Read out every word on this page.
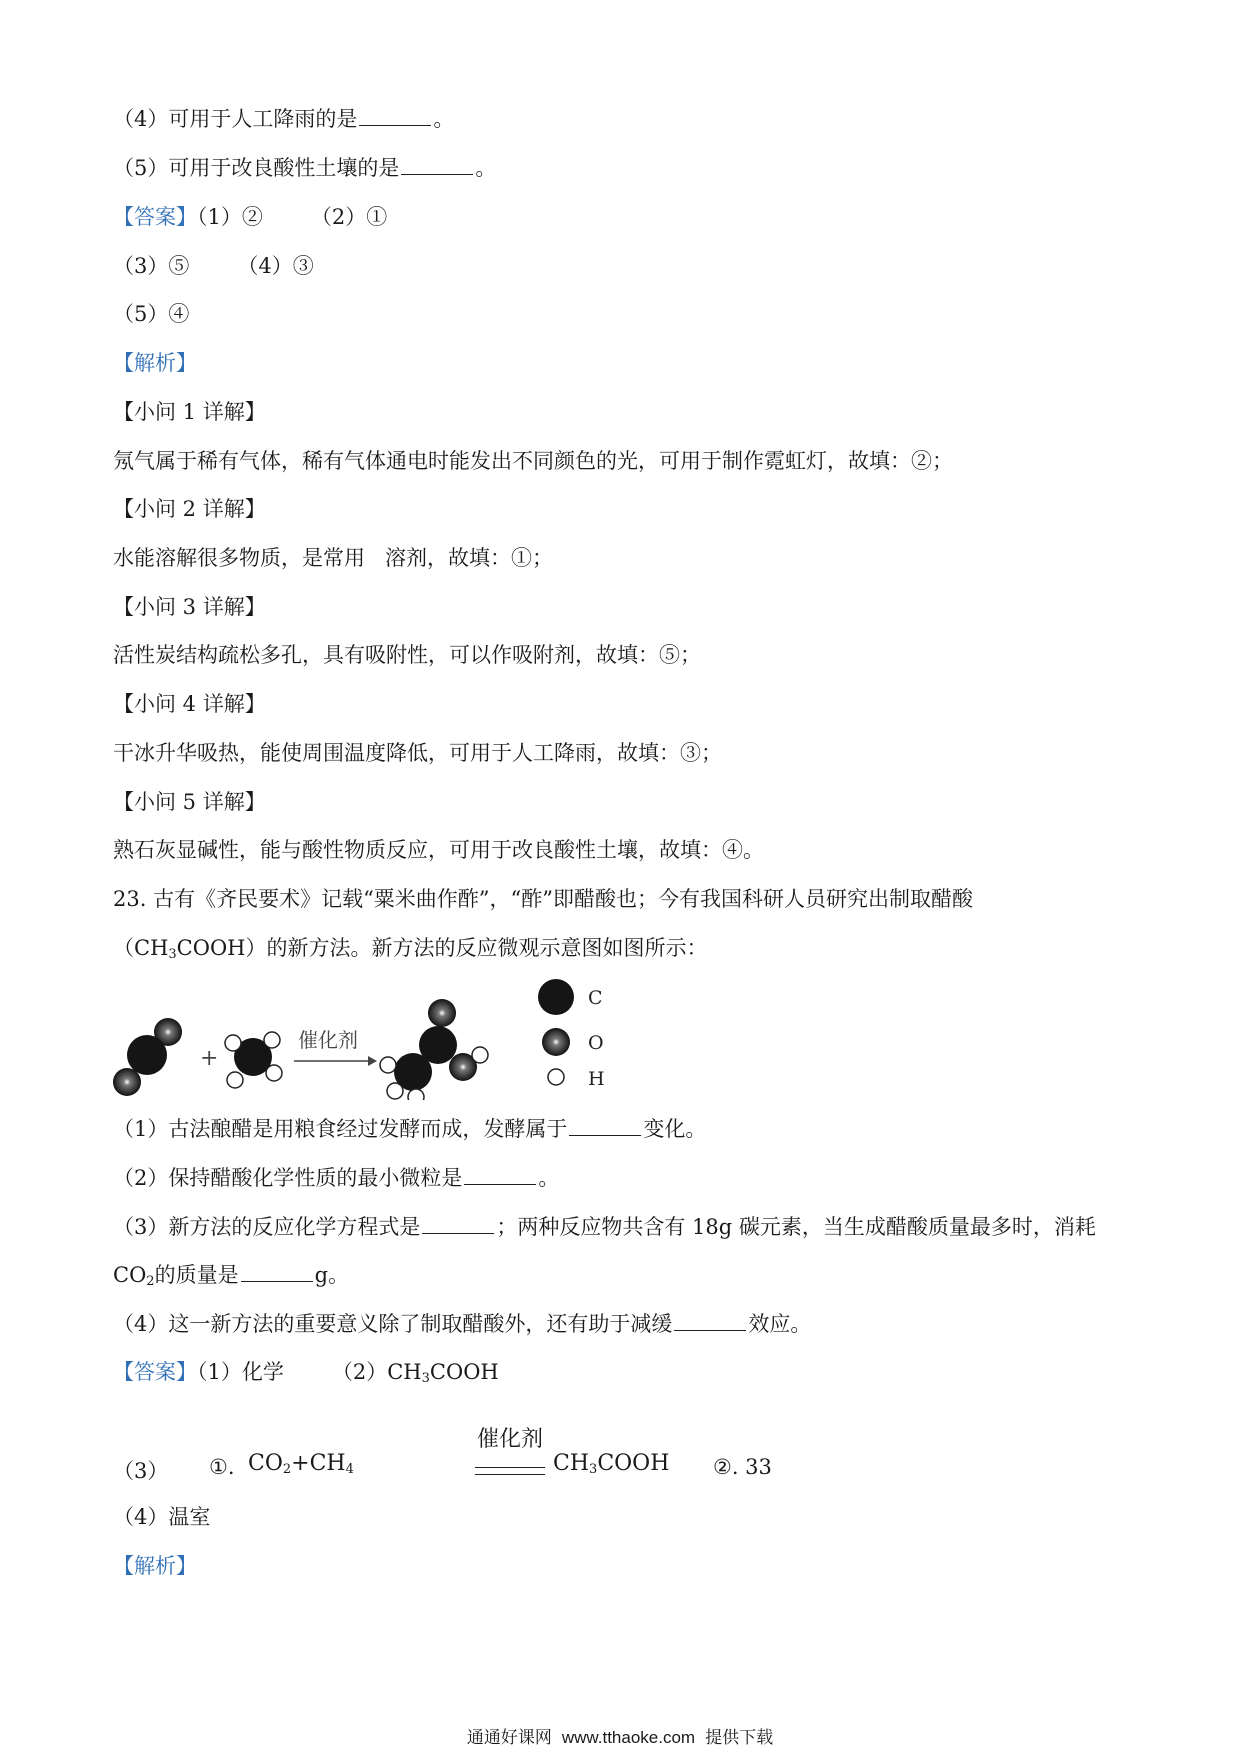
（4）可用于人工降雨的是	。
（5）可用于改良酸性土壤的是	。
【答案】（1）② （2）①
（3）⑤ （4）③
（5）④
【解析】
【小问 1 详解】
氖气属于稀有气体，稀有气体通电时能发出不同颜色的光，可用于制作霓虹灯，故填：②；
【小问 2 详解】
水能溶解很多物质，是常用 溶剂，故填：①；
【小问 3 详解】
活性炭结构疏松多孔，具有吸附性，可以作吸附剂，故填：⑤；
【小问 4 详解】
干冰升华吸热，能使周围温度降低，可用于人工降雨，故填：③；
【小问 5 详解】
熟石灰显碱性，能与酸性物质反应，可用于改良酸性土壤，故填：④。
23. 古有《齐民要术》记载“粟米曲作酢”，“酢”即醋酸也；今有我国科研人员研究出制取醋酸
$(CH_3COOH)$的新方法。新方法的反应微观示意图如图所示：
+
催化剂
C
O
H
（1）古法酿醋是用粮食经过发酵而成，发酵属于	变化。
（2）保持醋酸化学性质的最小微粒是	。
（3）新方法的反应化学方程式是	；两种反应物共含有 18g 碳元素，当生成醋酸质量最多时，消耗
$CO_2$的质量是	g。
（4）这一新方法的重要意义除了制取醋酸外，还有助于减缓	效应。
【答案】（1）化学 $(2)CH_3COOH$
（3） ①. $CO_2+CH_4$
催化剂
$CH_3COOH$ ②. 33
（4）温室
【解析】
通通好课网 www.tthaoke.com 提供下载
